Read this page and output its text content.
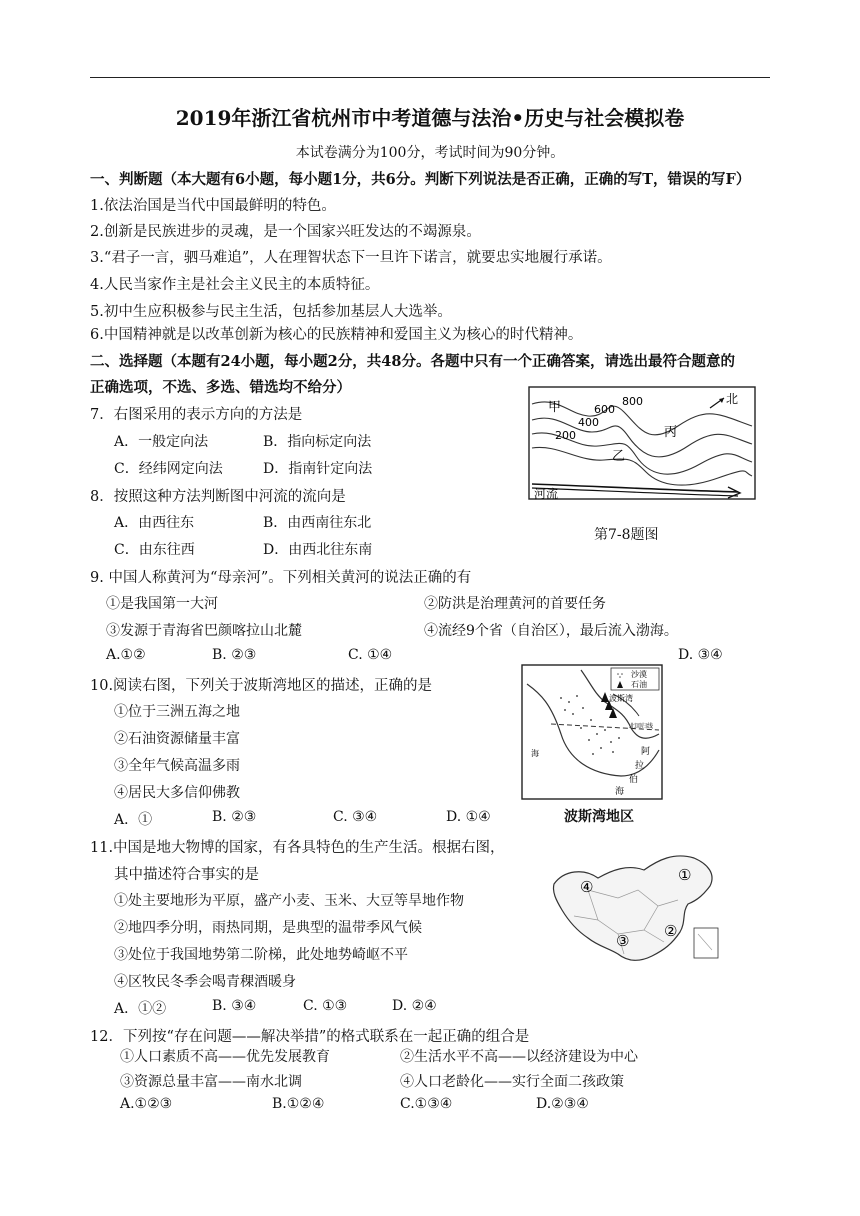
2019年浙江省杭州市中考道德与法治•历史与社会模拟卷
本试卷满分为100分，考试时间为90分钟。
一、判断题（本大题有6小题，每小题1分，共6分。判断下列说法是否正确，正确的写T，错误的写F）
1.依法治国是当代中国最鲜明的特色。
2.创新是民族进步的灵魂，是一个国家兴旺发达的不竭源泉。
3.“君子一言，驷马难追”，人在理智状态下一旦许下诺言，就要忠实地履行承诺。
4.人民当家作主是社会主义民主的本质特征。
5.初中生应积极参与民主生活，包括参加基层人大选举。
6.中国精神就是以改革创新为核心的民族精神和爱国主义为核心的时代精神。
二、选择题（本题有24小题，每小题2分，共48分。各题中只有一个正确答案，请选出最符合题意的
正确选项，不选、多选、错选均不给分）
7．右图采用的表示方向的方法是
A．一般定向法	B．指向标定向法
C．经纬网定向法	D．指南针定向法
8．按照这种方法判断图中河流的流向是
A．由西往东	B．由西南往东北
C．由东往西	D．由西北往东南
北
甲	600
800
400
200	丙
乙
河流
第7-8题图
9. 中国人称黄河为“母亲河”。下列相关黄河的说法正确的有
①是我国第一大河	②防洪是治理黄河的首要任务
③发源于青海省巴颜喀拉山北麓	④流经9个省（自治区），最后流入渤海。
A.①②	B. ②③	C. ①④	D. ③④
10.阅读右图，下列关于波斯湾地区的描述，正确的是
①位于三洲五海之地
②石油资源储量丰富
③全年气候高温多雨
④居民大多信仰佛教
A．①	B. ②③	C. ③④	D. ①④
北回归线
沙漠
石油
波斯湾
海	阿
拉
伯
海
波斯湾地区
11.中国是地大物博的国家，有各具特色的生产生活。根据右图，
其中描述符合事实的是
①处主要地形为平原，盛产小麦、玉米、大豆等旱地作物
②地四季分明，雨热同期，是典型的温带季风气候
③处位于我国地势第二阶梯，此处地势崎岖不平
④区牧民冬季会喝青稞酒暖身
A．①②	B. ③④	C. ①③	D. ②④
①
②
③
④
12．下列按“存在问题——解决举措”的格式联系在一起正确的组合是
①人口素质不高——优先发展教育	②生活水平不高——以经济建设为中心
③资源总量丰富——南水北调	④人口老龄化——实行全面二孩政策
A.①②③	B.①②④	C.①③④	D.②③④
